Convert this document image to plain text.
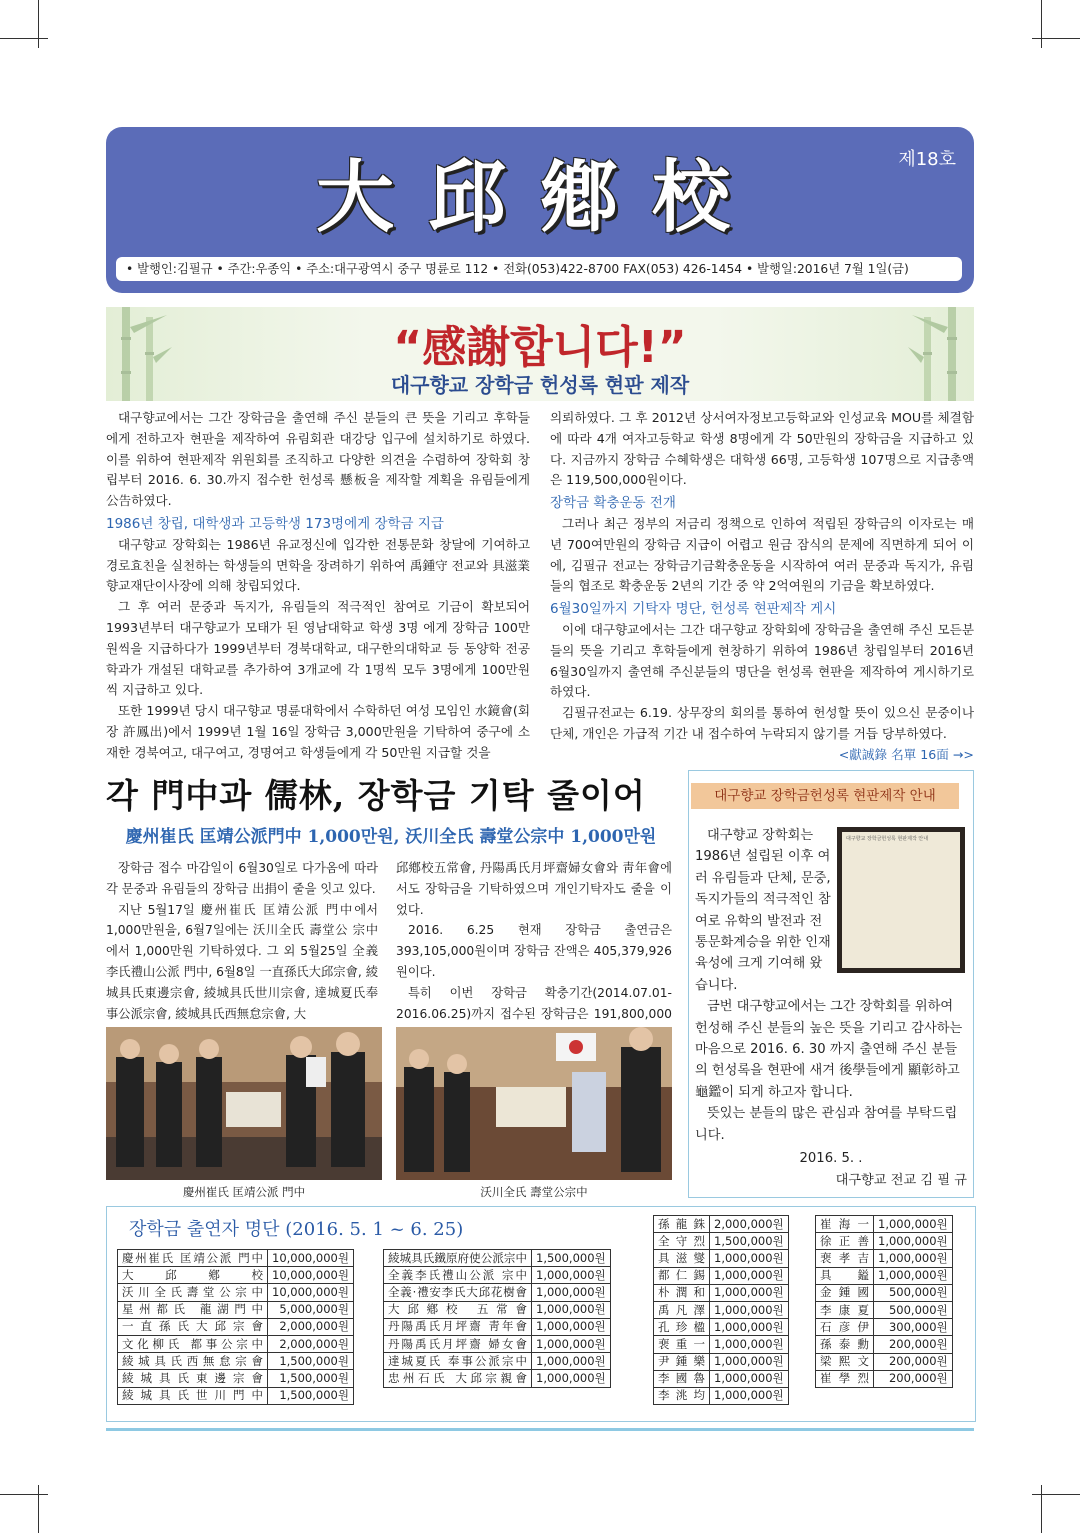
大邱鄕校	제18호
• 발행인:김필규 • 주간:우종익 • 주소:대구광역시 중구 명륜로 112 • 전화(053)422-8700 FAX(053) 426-1454 • 발행일:2016년 7월 1일(금)
“感謝합니다!”
대구향교 장학금 헌성록 현판 제작

대구향교에서는 그간 장학금을 출연해 주신 분들의 큰 뜻을 기리고 후학들에게 전하고자 현판을 제작하여 유림회관 대강당 입구에 설치하기로 하였다. 이를 위하여 현판제작 위원회를 조직하고 다양한 의견을 수렴하여 장학회 창립부터 2016. 6. 30.까지 접수한 헌성록 懸板을 제작할 계획을 유림들에게 公告하였다.

1986년 창립, 대학생과 고등학생 173명에게 장학금 지급

대구향교 장학회는 1986년 유교정신에 입각한 전통문화 창달에 기여하고 경로효친을 실천하는 학생들의 면학을 장려하기 위하여 禹鍾守 전교와 具滋業 향교재단이사장에 의해 창립되었다.

그 후 여러 문중과 독지가, 유림들의 적극적인 참여로 기금이 확보되어 1993년부터 대구향교가 모태가 된 영남대학교 학생 3명 에게 장학금 100만원씩을 지급하다가 1999년부터 경북대학교, 대구한의대학교 등 동양학 전공학과가 개설된 대학교를 추가하여 3개교에 각 1명씩 모두 3명에게 100만원씩 지급하고 있다.

또한 1999년 당시 대구향교 명륜대학에서 수학하던 여성 모임인 水鏡會(회장 許鳳出)에서 1999년 1월 16일 장학금 3,000만원을 기탁하여 중구에 소재한 경북여고, 대구여고, 경명여고 학생들에게 각 50만원 지급할 것을

의뢰하였다. 그 후 2012년 상서여자정보고등학교와 인성교육 MOU를 체결함에 따라 4개 여자고등학교 학생 8명에게 각 50만원의 장학금을 지급하고 있다. 지금까지 장학금 수혜학생은 대학생 66명, 고등학생 107명으로 지급총액은 119,500,000원이다.

장학금 확충운동 전개

그러나 최근 정부의 저금리 정책으로 인하여 적립된 장학금의 이자로는 매년 700여만원의 장학금 지급이 어렵고 원금 잠식의 문제에 직면하게 되어 이에, 김필규 전교는 장학금기금확충운동을 시작하여 여러 문중과 독지가, 유림들의 협조로 확충운동 2년의 기간 중 약 2억여원의 기금을 확보하였다.

6월30일까지 기탁자 명단, 헌성록 현판제작 게시

이에 대구향교에서는 그간 대구향교 장학회에 장학금을 출연해 주신 모든분들의 뜻을 기리고 후학들에게 현창하기 위하여 1986년 창립일부터 2016년 6월30일까지 출연해 주신분들의 명단을 헌성록 현판을 제작하여 게시하기로 하였다.

김필규전교는 6.19. 상무장의 회의를 통하여 헌성할 뜻이 있으신 문중이나 단체, 개인은 가급적 기간 내 접수하여 누락되지 않기를 거듭 당부하였다.

<獻誠錄 名單 16面 →>
각 門中과 儒林, 장학금 기탁 줄이어
慶州崔氏 匡靖公派門中 1,000만원, 沃川全氏 壽堂公宗中 1,000만원

장학금 접수 마감일이 6월30일로 다가옴에 따라 각 문중과 유림들의 장학금 出捐이 줄을 잇고 있다.

지난 5월17일 慶州崔氏 匡靖公派 門中에서 1,000만원을, 6월7일에는 沃川全氏 壽堂公 宗中에서 1,000만원 기탁하였다. 그 외 5월25일 全義李氏禮山公派 門中, 6월8일 一直孫氏大邱宗會, 綾城具氏東邊宗會, 綾城具氏世川宗會, 達城夏氏奉事公派宗會, 綾城具氏西無怠宗會, 大

邱鄕校五常會, 丹陽禹氏月坪齋婦女會와 靑年會에서도 장학금을 기탁하였으며 개인기탁자도 줄을 이었다.

2016. 6.25 현재 장학금 출연금은 393,105,000원이며 장학금 잔액은 405,379,926원이다.

특히 이번 장학금 확충기간(2014.07.01-2016.06.25)까지 접수된 장학금은 191,800,000

慶州崔氏 匡靖公派 門中	沃川全氏 壽堂公宗中
대구향교 장학금헌성록 현판제작 안내
대구향교 장학금헌성록 현판제작 안내
대구향교 장학회는 1986년 설립된 이후 여러 유림들과 단체, 문중, 독지가들의 적극적인 참여로 유학의 발전과 전통문화계승을 위한 인재 육성에 크게 기여해 왔습니다.
금번 대구향교에서는 그간 장학회를 위하여 헌성해 주신 분들의 높은 뜻을 기리고 감사하는 마음으로 2016. 6. 30 까지 출연해 주신 분들의 헌성록을 현판에 새겨 後學들에게 顯彰하고 龜鑑이 되게 하고자 합니다.
뜻있는 분들의 많은 관심과 참여를 부탁드립니다.
2016. 5. .
대구향교 전교 김 필 규
장학금 출연자 명단 (2016. 5. 1 ~ 6. 25)
慶州崔氏 匡靖公派 門中	10,000,000원
大邱鄕校	10,000,000원
沃川全氏壽堂公宗中	10,000,000원
星州都氏 龍湖門中	5,000,000원
一直孫氏大邱宗會	2,000,000원
文化柳氏 都事公宗中	2,000,000원
綾城具氏西無怠宗會	1,500,000원
綾城具氏東邊宗會	1,500,000원
綾城具氏世川門中	1,500,000원
綾城具氏鐵原府使公派宗中	1,500,000원
全義李氏禮山公派 宗中	1,000,000원
全義·禮安李氏大邱花樹會	1,000,000원
大邱鄕校 五常會	1,000,000원
丹陽禹氏月坪齋 靑年會	1,000,000원
丹陽禹氏月坪齋 婦女會	1,000,000원
達城夏氏 奉事公派宗中	1,000,000원
忠州石氏 大邱宗親會	1,000,000원
孫龍銖	2,000,000원
全守烈	1,500,000원
具滋燮	1,000,000원
都仁錫	1,000,000원
朴潤和	1,000,000원
禹凡澤	1,000,000원
孔珍楹	1,000,000원
裵重一	1,000,000원
尹鍾樂	1,000,000원
李國魯	1,000,000원
李洮均	1,000,000원
崔海一	1,000,000원
徐正善	1,000,000원
裵孝吉	1,000,000원
具鎰	1,000,000원
金鍾國	500,000원
李康夏	500,000원
石彦伊	300,000원
孫泰勳	200,000원
梁熙文	200,000원
崔學烈	200,000원
